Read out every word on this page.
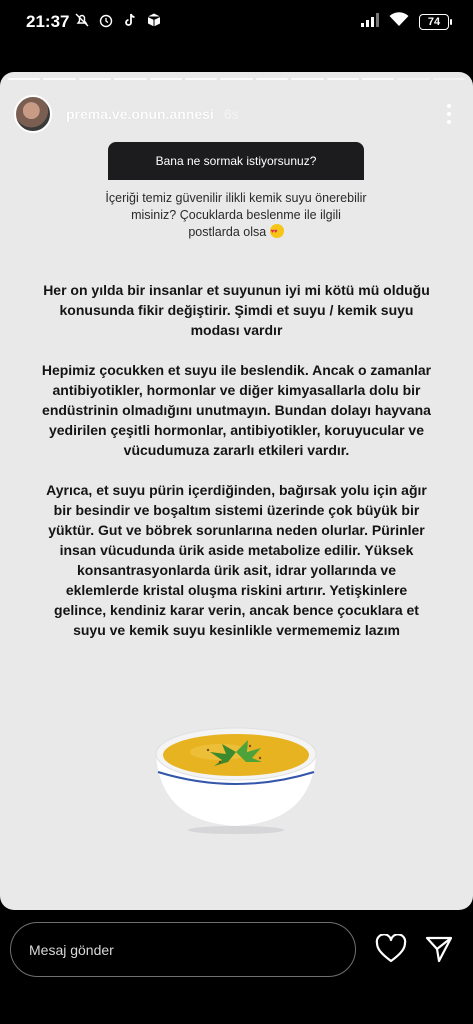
21:37	74
prema.ve.onun.annesi 6s
Bana ne sormak istiyorsunuz?
İçeriği temiz güvenilir ilikli kemik suyu önerebilir misiniz? Çocuklarda beslenme ile ilgili postlarda olsa ♥ ♥

Her on yılda bir insanlar et suyunun iyi mi kötü mü olduğu konusunda fikir değiştirir. Şimdi et suyu / kemik suyu modası vardır

Hepimiz çocukken et suyu ile beslendik. Ancak o zamanlar antibiyotikler, hormonlar ve diğer kimyasallarla dolu bir endüstrinin olmadığını unutmayın. Bundan dolayı hayvana yedirilen çeşitli hormonlar, antibiyotikler, koruyucular ve vücudumuza zararlı etkileri vardır.

Ayrıca, et suyu pürin içerdiğinden, bağırsak yolu için ağır bir besindir ve boşaltım sistemi üzerinde çok büyük bir yüktür. Gut ve böbrek sorunlarına neden olurlar. Pürinler insan vücudunda ürik aside metabolize edilir. Yüksek konsantrasyonlarda ürik asit, idrar yollarında ve eklemlerde kristal oluşma riskini artırır. Yetişkinlere gelince, kendiniz karar verin, ancak bence çocuklara et suyu ve kemik suyu kesinlikle vermememiz lazım

Mesaj gönder
